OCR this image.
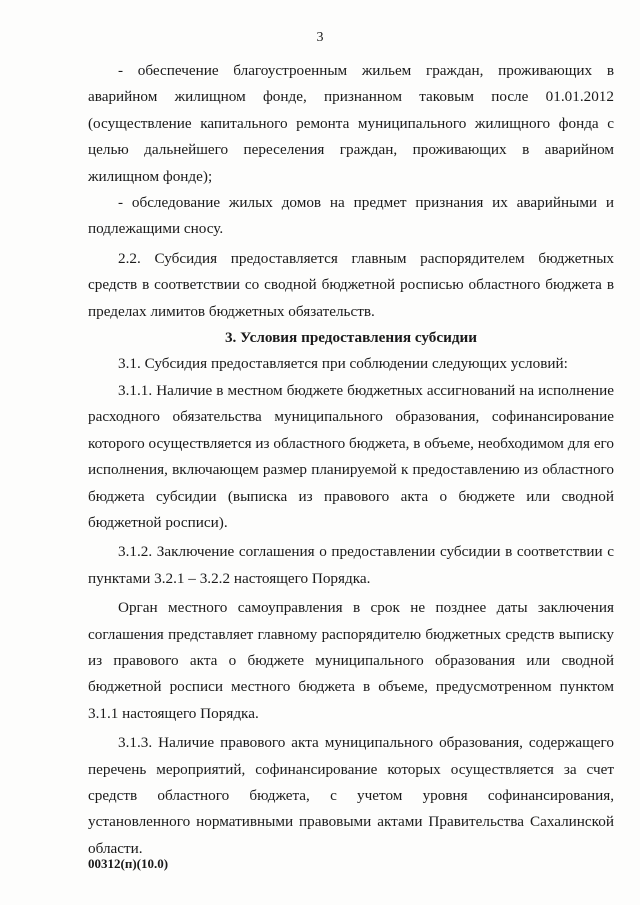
3

- обеспечение благоустроенным жильем граждан, проживающих в аварийном жилищном фонде, признанном таковым после 01.01.2012 (осуществление капитального ремонта муниципального жилищного фонда с целью дальнейшего переселения граждан, проживающих в аварийном жилищном фонде);

- обследование жилых домов на предмет признания их аварийными и подлежащими сносу.

2.2. Субсидия предоставляется главным распорядителем бюджетных средств в соответствии со сводной бюджетной росписью областного бюджета в пределах лимитов бюджетных обязательств.

3. Условия предоставления субсидии

3.1. Субсидия предоставляется при соблюдении следующих условий:

3.1.1. Наличие в местном бюджете бюджетных ассигнований на исполнение расходного обязательства муниципального образования, софинансирование которого осуществляется из областного бюджета, в объеме, необходимом для его исполнения, включающем размер планируемой к предоставлению из областного бюджета субсидии (выписка из правового акта о бюджете или сводной бюджетной росписи).

3.1.2. Заключение соглашения о предоставлении субсидии в соответствии с пунктами 3.2.1 – 3.2.2 настоящего Порядка.

Орган местного самоуправления в срок не позднее даты заключения соглашения представляет главному распорядителю бюджетных средств выписку из правового акта о бюджете муниципального образования или сводной бюджетной росписи местного бюджета в объеме, предусмотренном пунктом 3.1.1 настоящего Порядка.

3.1.3. Наличие правового акта муниципального образования, содержащего перечень мероприятий, софинансирование которых осуществляется за счет средств областного бюджета, с учетом уровня софинансирования, установленного нормативными правовыми актами Правительства Сахалинской области.

00312(п)(10.0)
